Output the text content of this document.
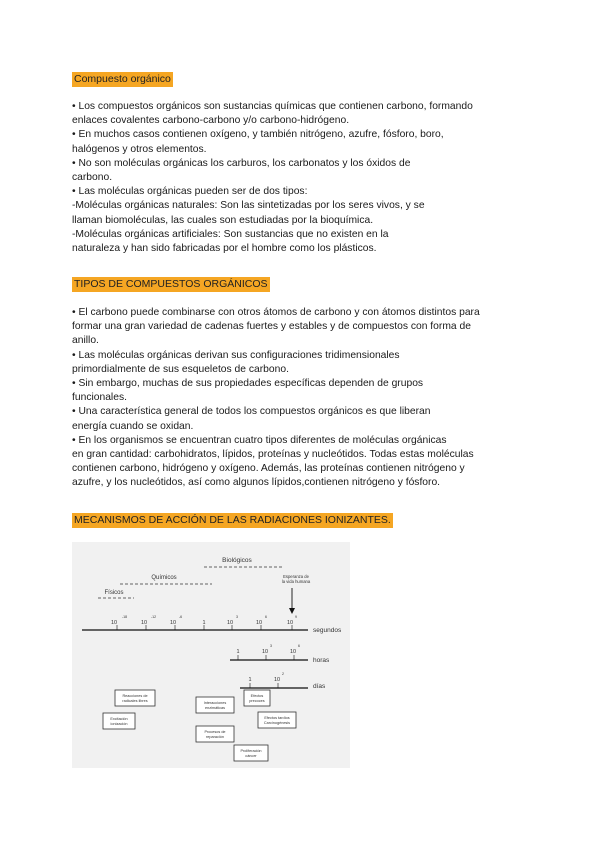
Compuesto orgánico
• Los compuestos orgánicos son sustancias químicas que contienen carbono, formando
enlaces covalentes carbono-carbono y/o carbono-hidrógeno.
• En muchos casos contienen oxígeno, y también nitrógeno, azufre, fósforo, boro,
halógenos y otros elementos.
• No son moléculas orgánicas los carburos, los carbonatos y los óxidos de
carbono.
• Las moléculas orgánicas pueden ser de dos tipos:
-Moléculas orgánicas naturales: Son las sintetizadas por los seres vivos, y se
llaman biomoléculas, las cuales son estudiadas por la bioquímica.
-Moléculas orgánicas artificiales: Son sustancias que no existen en la
naturaleza y han sido fabricadas por el hombre como los plásticos.
TIPOS DE COMPUESTOS ORGÁNICOS
• El carbono puede combinarse con otros átomos de carbono y con átomos distintos para
formar una gran variedad de cadenas fuertes y estables y de compuestos con forma de
anillo.
• Las moléculas orgánicas derivan sus configuraciones tridimensionales
primordialmente de sus esqueletos de carbono.
• Sin embargo, muchas de sus propiedades específicas dependen de grupos
funcionales.
• Una característica general de todos los compuestos orgánicos es que liberan
energía cuando se oxidan.
• En los organismos se encuentran cuatro tipos diferentes de moléculas orgánicas
en gran cantidad: carbohidratos, lípidos, proteínas y nucleótidos. Todas estas moléculas
contienen carbono, hidrógeno y oxígeno. Además, las proteínas contienen nitrógeno y
azufre, y los nucleótidos, así como algunos lípidos,contienen nitrógeno y fósforo.
MECANISMOS DE ACCIÓN DE LAS RADIACIONES IONIZANTES.
Biológicos
Químicos
Físicos
Esperanza de
la vida humana
10
-18
10
-12
10
-6
1	10
3
10
6
10
9
segundos
1	10
3
10
6
horas
1	10
2
días
Reacciones de
radicales libres
Excitación
ionización
Interacciones
enzimáticas
Procesos de
reparación
Efectos
precoces
Efectos tardíos
Carcinogénesis
Proliferación
cáncer
